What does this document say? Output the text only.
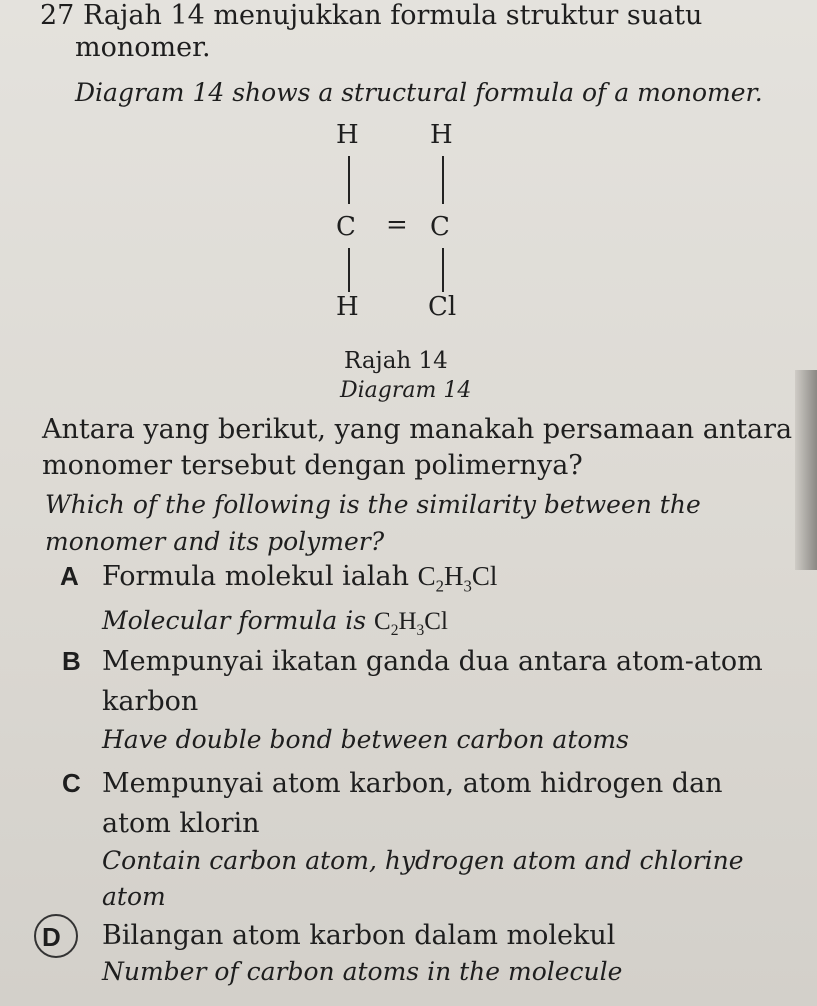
27 Rajah 14 menujukkan formula struktur suatu
monomer.
Diagram 14 shows a structural formula of a monomer.
H	H
C = C
H	Cl
Rajah 14
Diagram 14
Antara yang berikut, yang manakah persamaan antara
monomer tersebut dengan polimernya?
Which of the following is the similarity between the
monomer and its polymer?
A Formula molekul ialah $C_2H_3Cl$
Molecular formula is $C_2H_3Cl$
B Mempunyai ikatan ganda dua antara atom-atom
karbon
Have double bond between carbon atoms
C Mempunyai atom karbon, atom hidrogen dan
atom klorin
Contain carbon atom, hydrogen atom and chlorine
atom
D Bilangan atom karbon dalam molekul
Number of carbon atoms in the molecule
